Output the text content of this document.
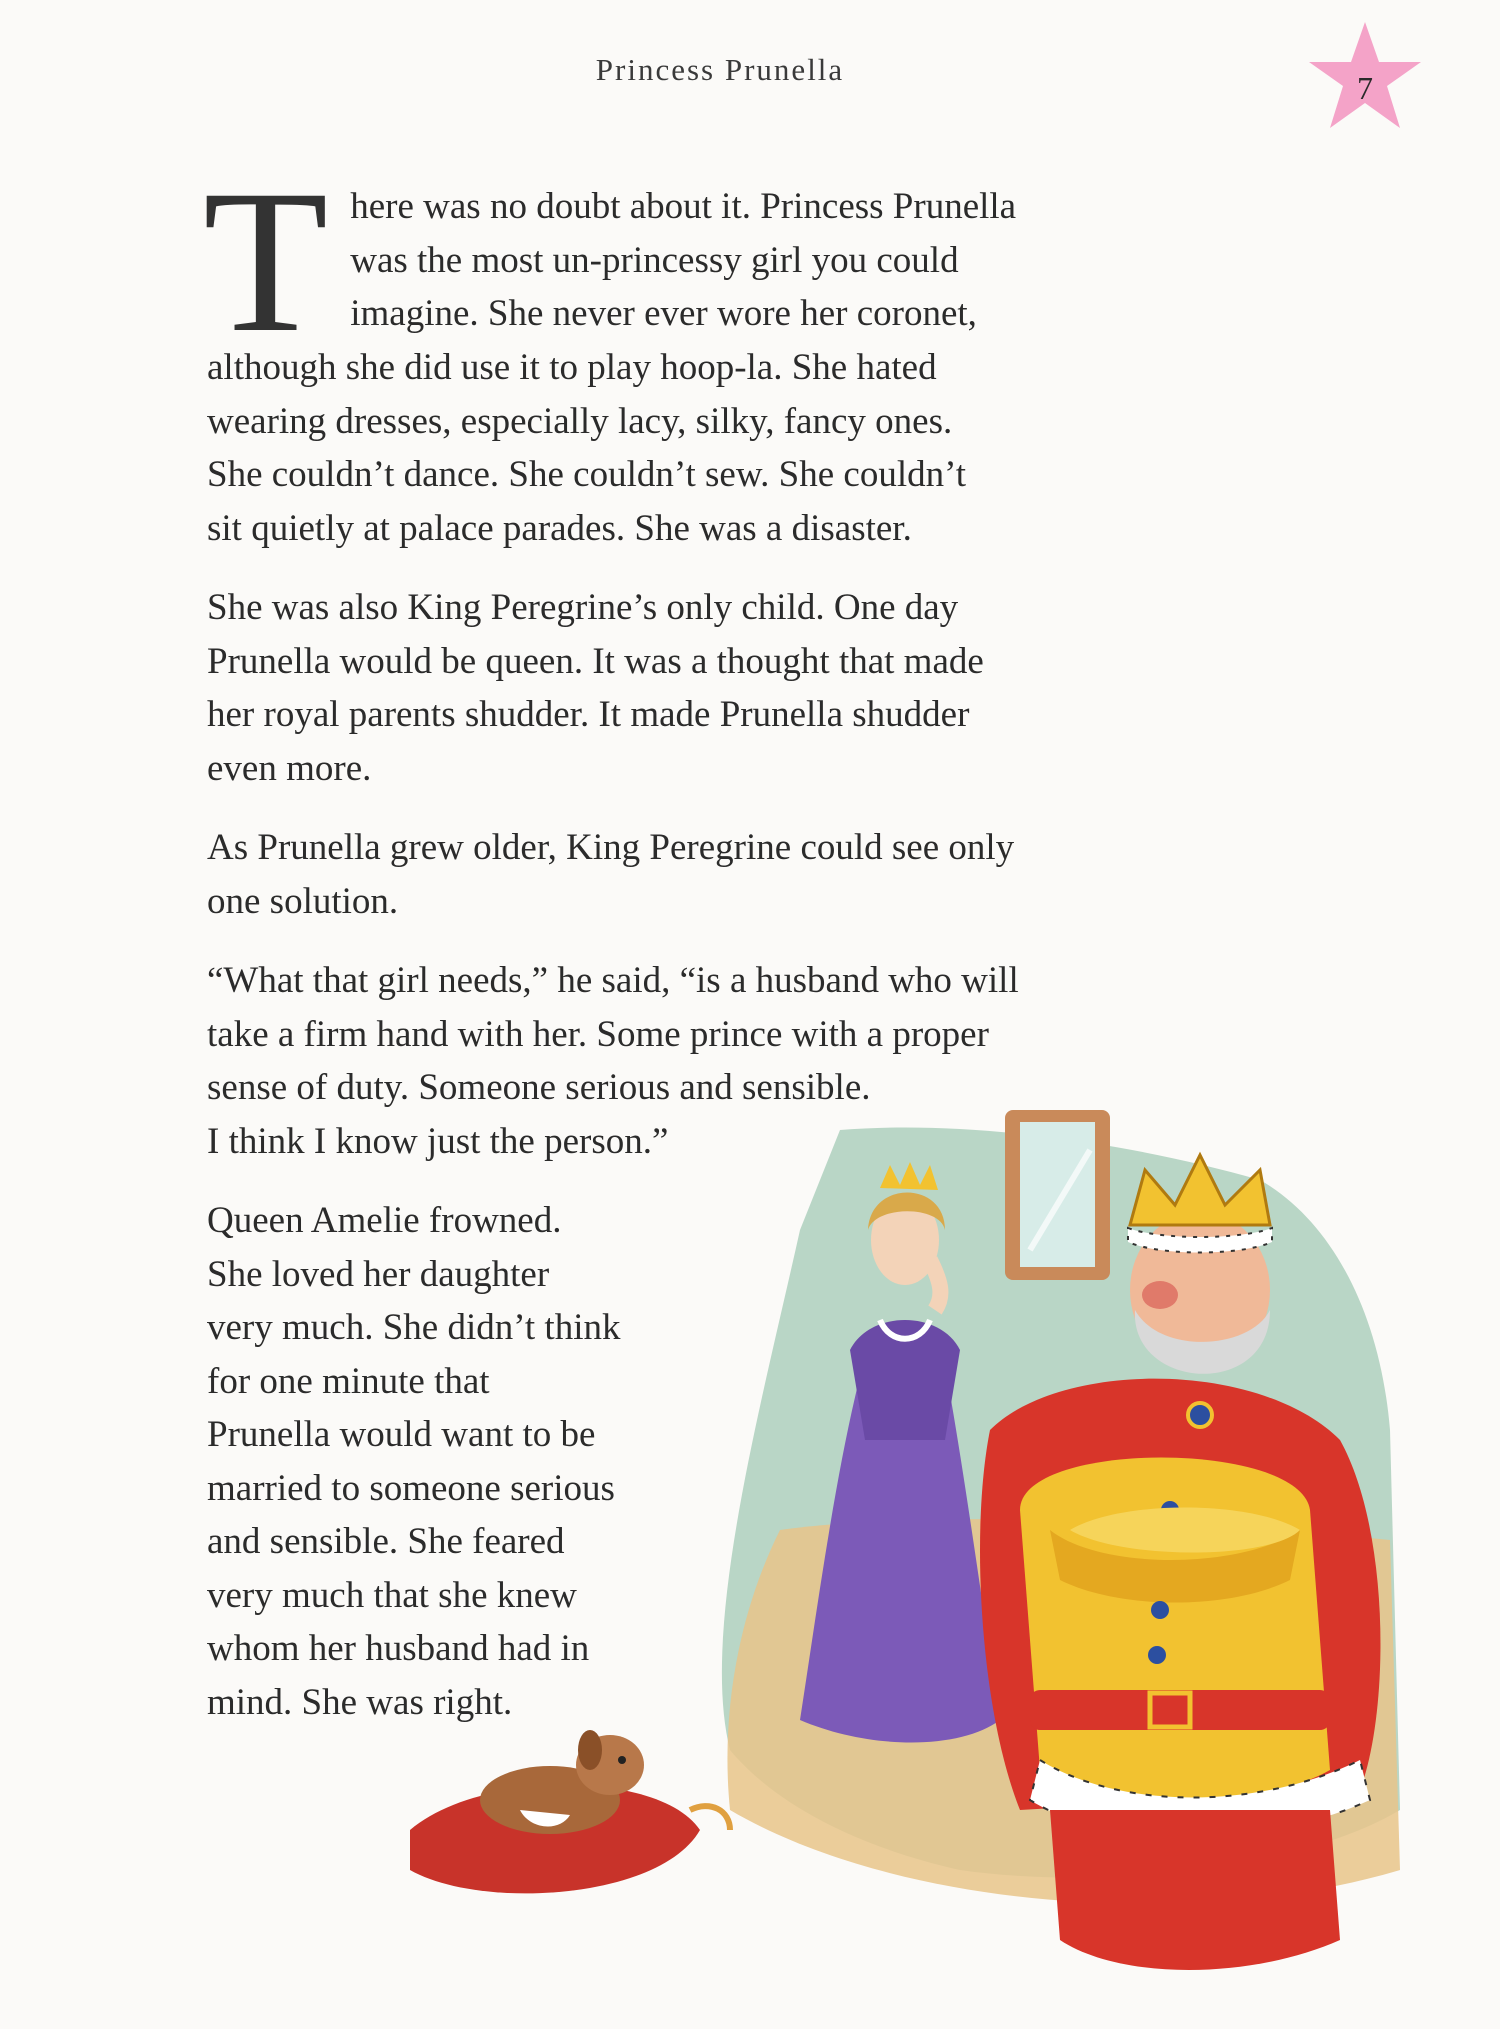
Princess Prunella
7
T here was no doubt about it. Princess Prunella
was the most un-princessy girl you could
imagine. She never ever wore her coronet,
although she did use it to play hoop-la. She hated
wearing dresses, especially lacy, silky, fancy ones.
She couldn’t dance. She couldn’t sew. She couldn’t
sit quietly at palace parades. She was a disaster.
She was also King Peregrine’s only child. One day
Prunella would be queen. It was a thought that made
her royal parents shudder. It made Prunella shudder
even more.
As Prunella grew older, King Peregrine could see only
one solution.
“What that girl needs,” he said, “is a husband who will
take a firm hand with her. Some prince with a proper
sense of duty. Someone serious and sensible.
I think I know just the person.”
Queen Amelie frowned.
She loved her daughter
very much. She didn’t think
for one minute that
Prunella would want to be
married to someone serious
and sensible. She feared
very much that she knew
whom her husband had in
mind. She was right.
